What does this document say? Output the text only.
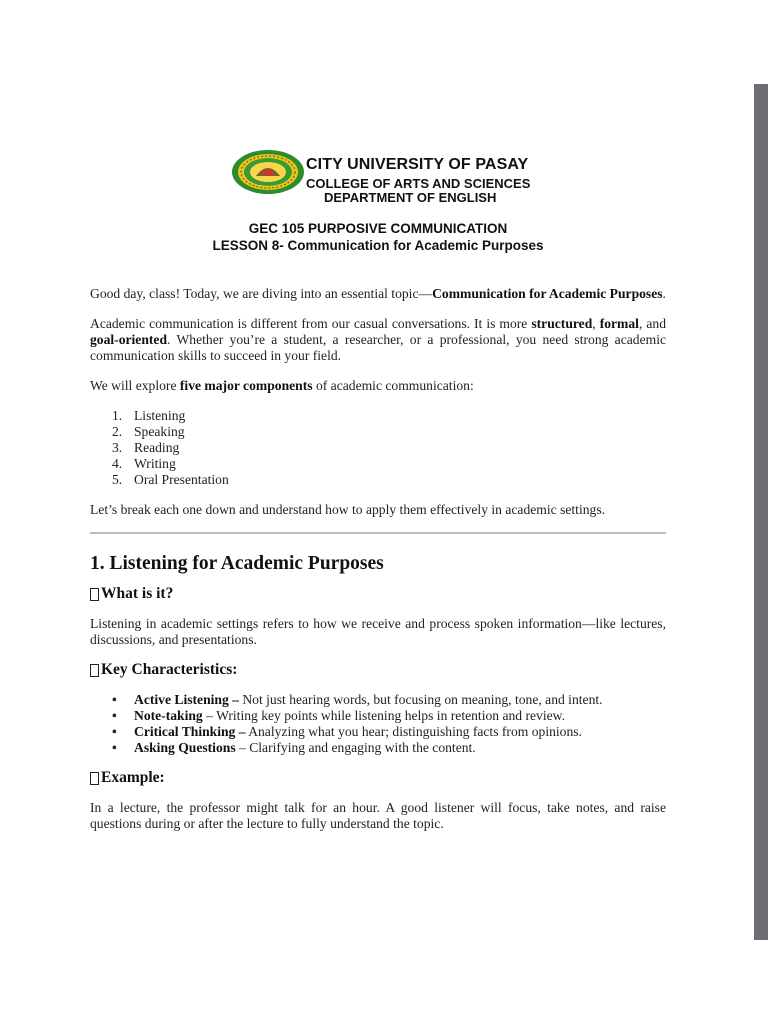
CITY UNIVERSITY OF PASAY
COLLEGE OF ARTS AND SCIENCES
DEPARTMENT OF ENGLISH
GEC 105 PURPOSIVE COMMUNICATION
LESSON 8- Communication for Academic Purposes

Good day, class! Today, we are diving into an essential topic—Communication for Academic Purposes.

Academic communication is different from our casual conversations. It is more structured, formal, and goal-oriented. Whether you’re a student, a researcher, or a professional, you need strong academic communication skills to succeed in your field.

We will explore five major components of academic communication:

1. Listening
2. Speaking
3. Reading
4. Writing
5. Oral Presentation

Let’s break each one down and understand how to apply them effectively in academic settings.

1. Listening for Academic Purposes
What is it?

Listening in academic settings refers to how we receive and process spoken information—like lectures, discussions, and presentations.

Key Characteristics:
•	Active Listening – Not just hearing words, but focusing on meaning, tone, and intent.
•	Note-taking – Writing key points while listening helps in retention and review.
•	Critical Thinking – Analyzing what you hear; distinguishing facts from opinions.
•	Asking Questions – Clarifying and engaging with the content.
Example:

In a lecture, the professor might talk for an hour. A good listener will focus, take notes, and raise questions during or after the lecture to fully understand the topic.
